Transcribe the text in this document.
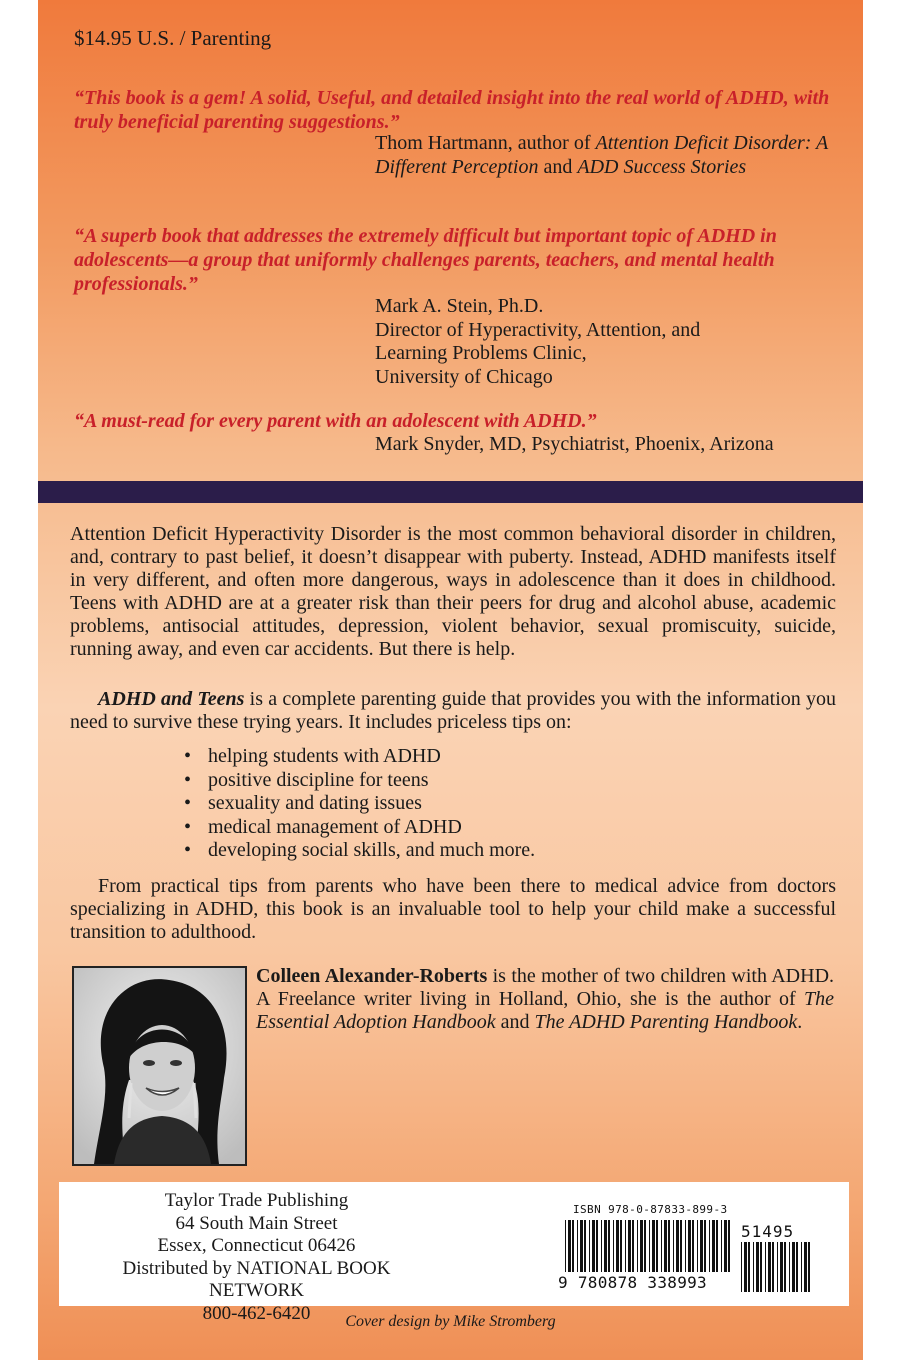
$14.95 U.S. / Parenting
“This book is a gem! A solid, Useful, and detailed insight into the real world of ADHD, with truly beneficial parenting suggestions.”
Thom Hartmann, author of Attention Deficit Disorder: A Different Perception and ADD Success Stories
“A superb book that addresses the extremely difficult but important topic of ADHD in adolescents—a group that uniformly challenges parents, teachers, and mental health professionals.”
Mark A. Stein, Ph.D.
Director of Hyperactivity, Attention, and
Learning Problems Clinic,
University of Chicago
“A must-read for every parent with an adolescent with ADHD.”
Mark Snyder, MD, Psychiatrist, Phoenix, Arizona
Attention Deficit Hyperactivity Disorder is the most common behavioral disorder in children, and, contrary to past belief, it doesn’t disappear with puberty. Instead, ADHD manifests itself in very different, and often more dangerous, ways in adolescence than it does in childhood. Teens with ADHD are at a greater risk than their peers for drug and alcohol abuse, academic problems, antisocial attitudes, depression, violent behavior, sexual promiscuity, suicide, running away, and even car accidents. But there is help.
ADHD and Teens is a complete parenting guide that provides you with the information you need to survive these trying years. It includes priceless tips on:
• helping students with ADHD
• positive discipline for teens
• sexuality and dating issues
• medical management of ADHD
• developing social skills, and much more.
From practical tips from parents who have been there to medical advice from doctors specializing in ADHD, this book is an invaluable tool to help your child make a successful transition to adulthood.
Colleen Alexander-Roberts is the mother of two children with ADHD. A Freelance writer living in Holland, Ohio, she is the author of The Essential Adoption Handbook and The ADHD Parenting Handbook.
Taylor Trade Publishing
64 South Main Street
Essex, Connecticut 06426
Distributed by NATIONAL BOOK NETWORK
800-462-6420
ISBN 978-0-87833-899-3
51495
9 780878 338993
Cover design by Mike Stromberg
